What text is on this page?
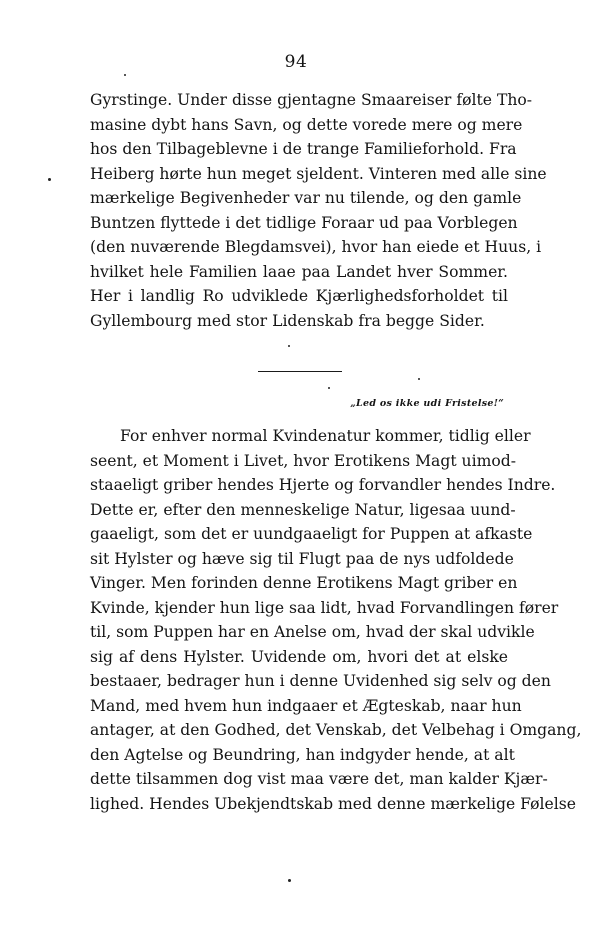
94
Gyrstinge. Under disse gjentagne Smaareiser følte Tho-
masine dybt hans Savn, og dette vorede mere og mere
hos den Tilbageblevne i de trange Familieforhold. Fra
Heiberg hørte hun meget sjeldent. Vinteren med alle sine
mærkelige Begivenheder var nu tilende, og den gamle
Buntzen flyttede i det tidlige Foraar ud paa Vorblegen
(den nuværende Blegdamsvei), hvor han eiede et Huus, i
hvilket hele Familien laae paa Landet hver Sommer.
Her i landlig Ro udviklede Kjærlighedsforholdet til
Gyllembourg med stor Lidenskab fra begge Sider.
„Led os ikke udi Fristelse!“
For enhver normal Kvindenatur kommer, tidlig eller
seent, et Moment i Livet, hvor Erotikens Magt uimod-
staaeligt griber hendes Hjerte og forvandler hendes Indre.
Dette er, efter den menneskelige Natur, ligesaa uund-
gaaeligt, som det er uundgaaeligt for Puppen at afkaste
sit Hylster og hæve sig til Flugt paa de nys udfoldede
Vinger. Men forinden denne Erotikens Magt griber en
Kvinde, kjender hun lige saa lidt, hvad Forvandlingen fører
til, som Puppen har en Anelse om, hvad der skal udvikle
sig af dens Hylster. Uvidende om, hvori det at elske
bestaaer, bedrager hun i denne Uvidenhed sig selv og den
Mand, med hvem hun indgaaer et Ægteskab, naar hun
antager, at den Godhed, det Venskab, det Velbehag i Omgang,
den Agtelse og Beundring, han indgyder hende, at alt
dette tilsammen dog vist maa være det, man kalder Kjær-
lighed. Hendes Ubekjendtskab med denne mærkelige Følelse
